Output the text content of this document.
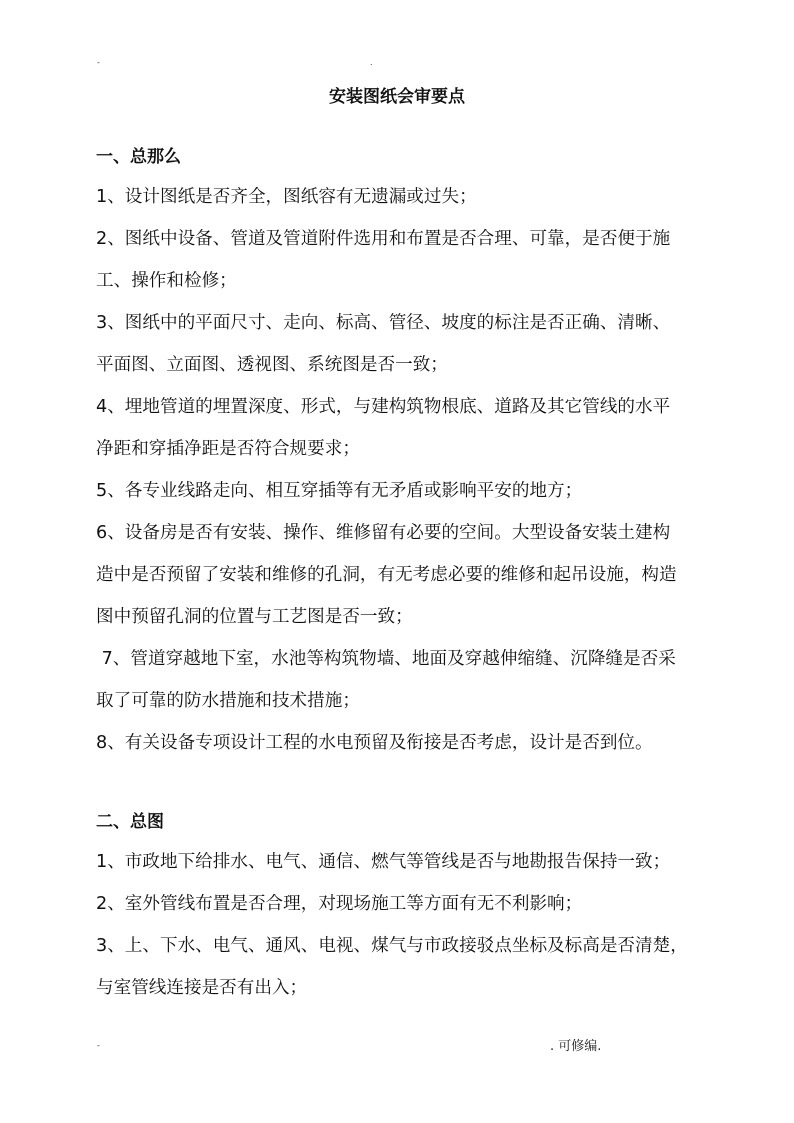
-	.
安装图纸会审要点
一、总那么
1、设计图纸是否齐全，图纸容有无遗漏或过失；
2、图纸中设备、管道及管道附件选用和布置是否合理、可靠，是否便于施
工、操作和检修；
3、图纸中的平面尺寸、走向、标高、管径、坡度的标注是否正确、清晰、
平面图、立面图、透视图、系统图是否一致；
4、埋地管道的埋置深度、形式，与建构筑物根底、道路及其它管线的水平
净距和穿插净距是否符合规要求；
5、各专业线路走向、相互穿插等有无矛盾或影响平安的地方；
6、设备房是否有安装、操作、维修留有必要的空间。大型设备安装土建构
造中是否预留了安装和维修的孔洞，有无考虑必要的维修和起吊设施，构造
图中预留孔洞的位置与工艺图是否一致；
7、管道穿越地下室，水池等构筑物墙、地面及穿越伸缩缝、沉降缝是否采
取了可靠的防水措施和技术措施；
8、有关设备专项设计工程的水电预留及衔接是否考虑，设计是否到位。
二、总图
1、市政地下给排水、电气、通信、燃气等管线是否与地勘报告保持一致；
2、室外管线布置是否合理，对现场施工等方面有无不利影响；
3、上、下水、电气、通风、电视、煤气与市政接驳点坐标及标高是否清楚，
与室管线连接是否有出入；
-	. 可修编.
